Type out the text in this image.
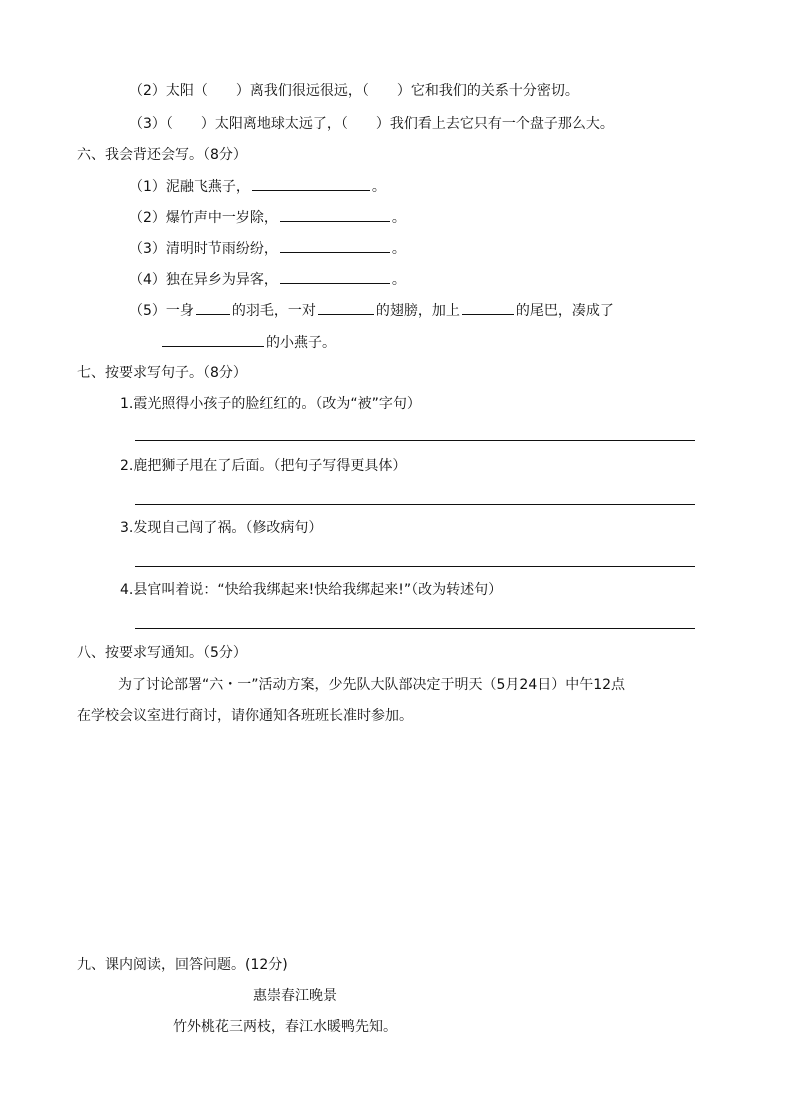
（2）太阳（ ）离我们很远很远，（ ）它和我们的关系十分密切。
（3）（ ）太阳离地球太远了，（ ）我们看上去它只有一个盘子那么大。
六、我会背还会写。（8分）
（1）泥融飞燕子，	。
（2）爆竹声中一岁除，	。
（3）清明时节雨纷纷，	。
（4）独在异乡为异客，	。
（5）一身	的羽毛，一对	的翅膀，加上	的尾巴，凑成了
的小燕子。
七、按要求写句子。（8分）
1.霞光照得小孩子的脸红红的。（改为“被”字句）
2.鹿把狮子甩在了后面。（把句子写得更具体）
3.发现自己闯了祸。（修改病句）
4.县官叫着说：“快给我绑起来!快给我绑起来!”（改为转述句）
八、按要求写通知。（5分）
为了讨论部署“六・一”活动方案，少先队大队部决定于明天（5月24日）中午12点
在学校会议室进行商讨，请你通知各班班长准时参加。
九、课内阅读，回答问题。(12分)
惠崇春江晚景
竹外桃花三两枝，春江水暖鸭先知。
